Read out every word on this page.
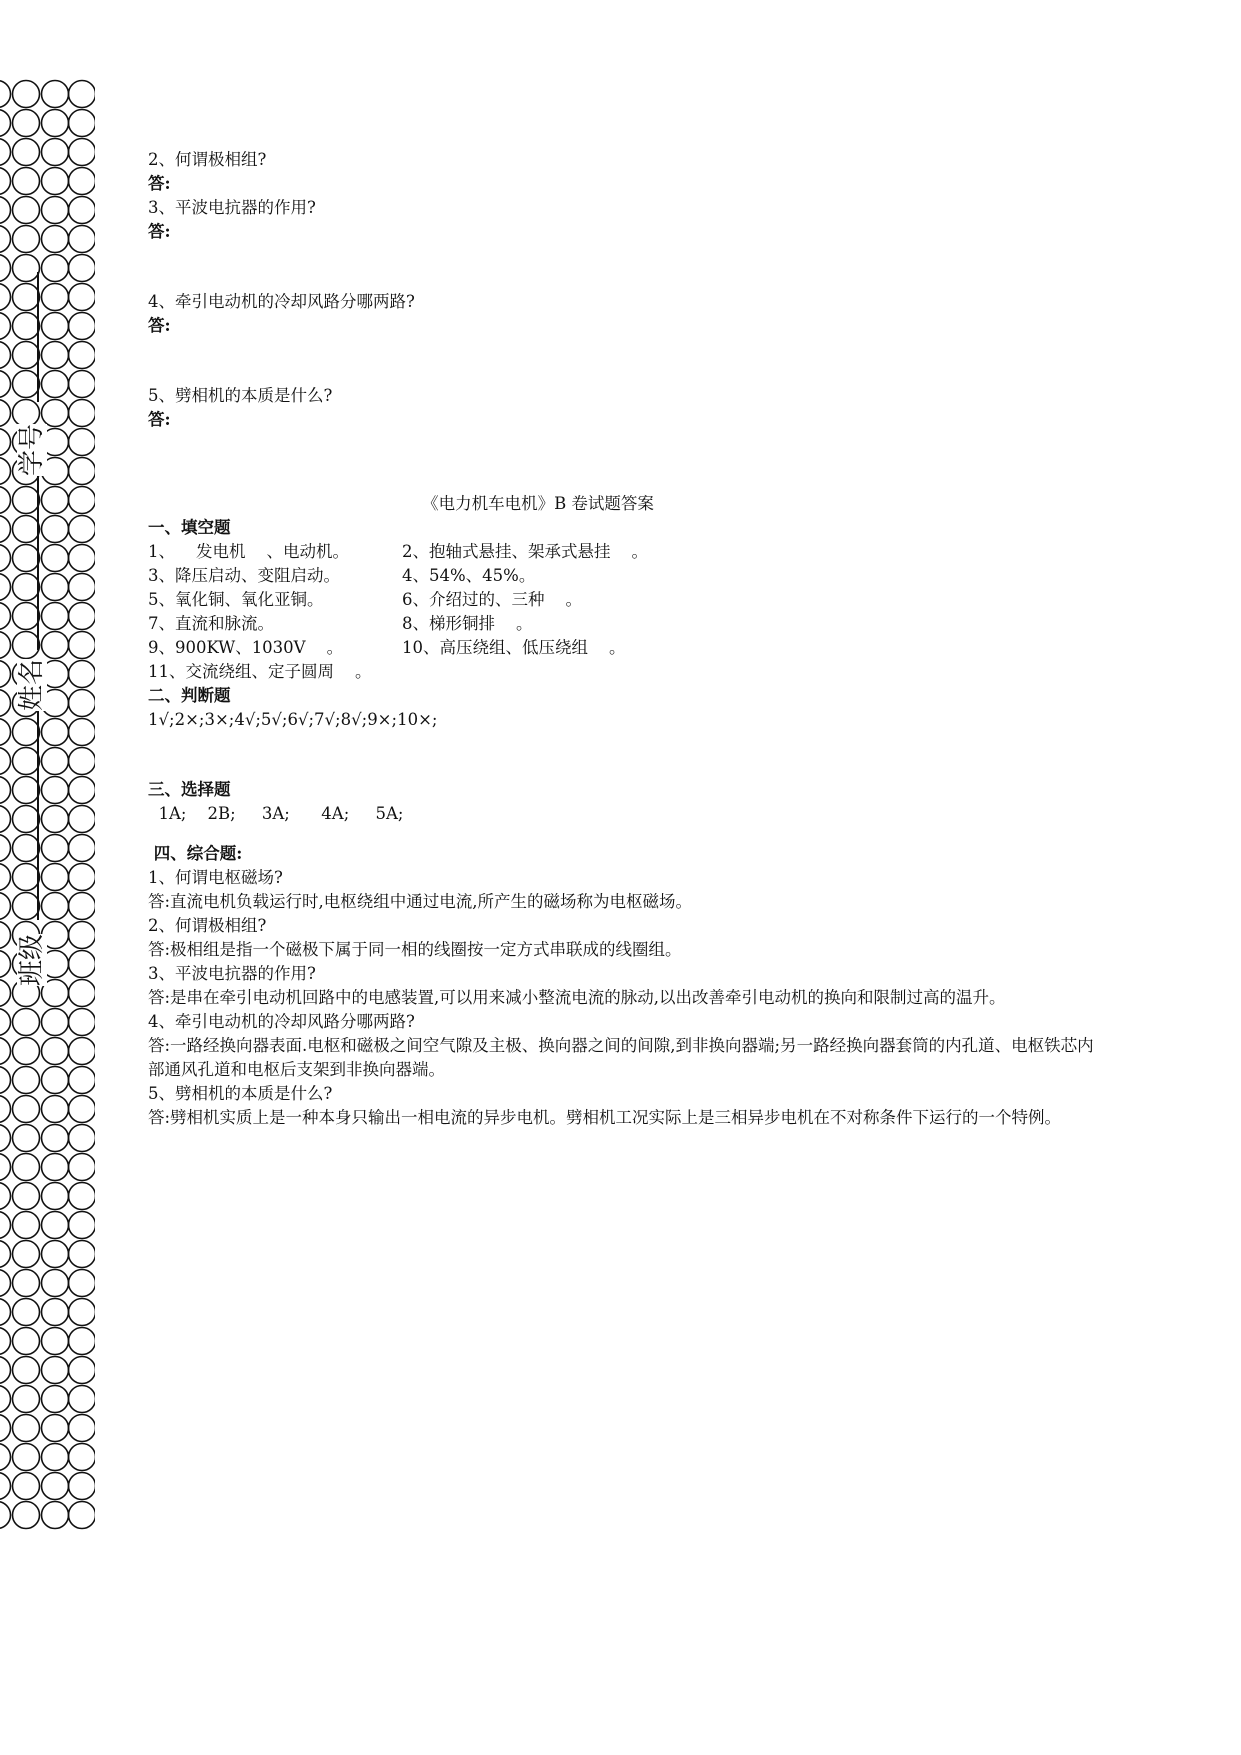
学号
姓名
班级
2、何谓极相组?
答:
3、平波电抗器的作用?
答:
4、牵引电动机的冷却风路分哪两路?
答:
5、劈相机的本质是什么?
答:
《电力机车电机》B 卷试题答案
一、填空题
1、    发电机    、电动机。	2、抱轴式悬挂、架承式悬挂    。
3、降压启动、变阻启动。	4、54%、45%。
5、氧化铜、氧化亚铜。	6、介绍过的、三种    。
7、直流和脉流。	8、梯形铜排    。
9、900KW、1030V    。	10、高压绕组、低压绕组    。
11、交流绕组、定子圆周    。
二、判断题
1√;2×;3×;4√;5√;6√;7√;8√;9×;10×;
三、选择题
1A;    2B;     3A;      4A;     5A;
四、综合题:
1、何谓电枢磁场?
答:直流电机负载运行时,电枢绕组中通过电流,所产生的磁场称为电枢磁场。
2、何谓极相组?
答:极相组是指一个磁极下属于同一相的线圈按一定方式串联成的线圈组。
3、平波电抗器的作用?
答:是串在牵引电动机回路中的电感装置,可以用来减小整流电流的脉动,以出改善牵引电动机的换向和限制过高的温升。
4、牵引电动机的冷却风路分哪两路?
答:一路经换向器表面.电枢和磁极之间空气隙及主极、换向器之间的间隙,到非换向器端;另一路经换向器套筒的内孔道、电枢铁芯内部通风孔道和电枢后支架到非换向器端。
5、劈相机的本质是什么?
答:劈相机实质上是一种本身只输出一相电流的异步电机。劈相机工况实际上是三相异步电机在不对称条件下运行的一个特例。
